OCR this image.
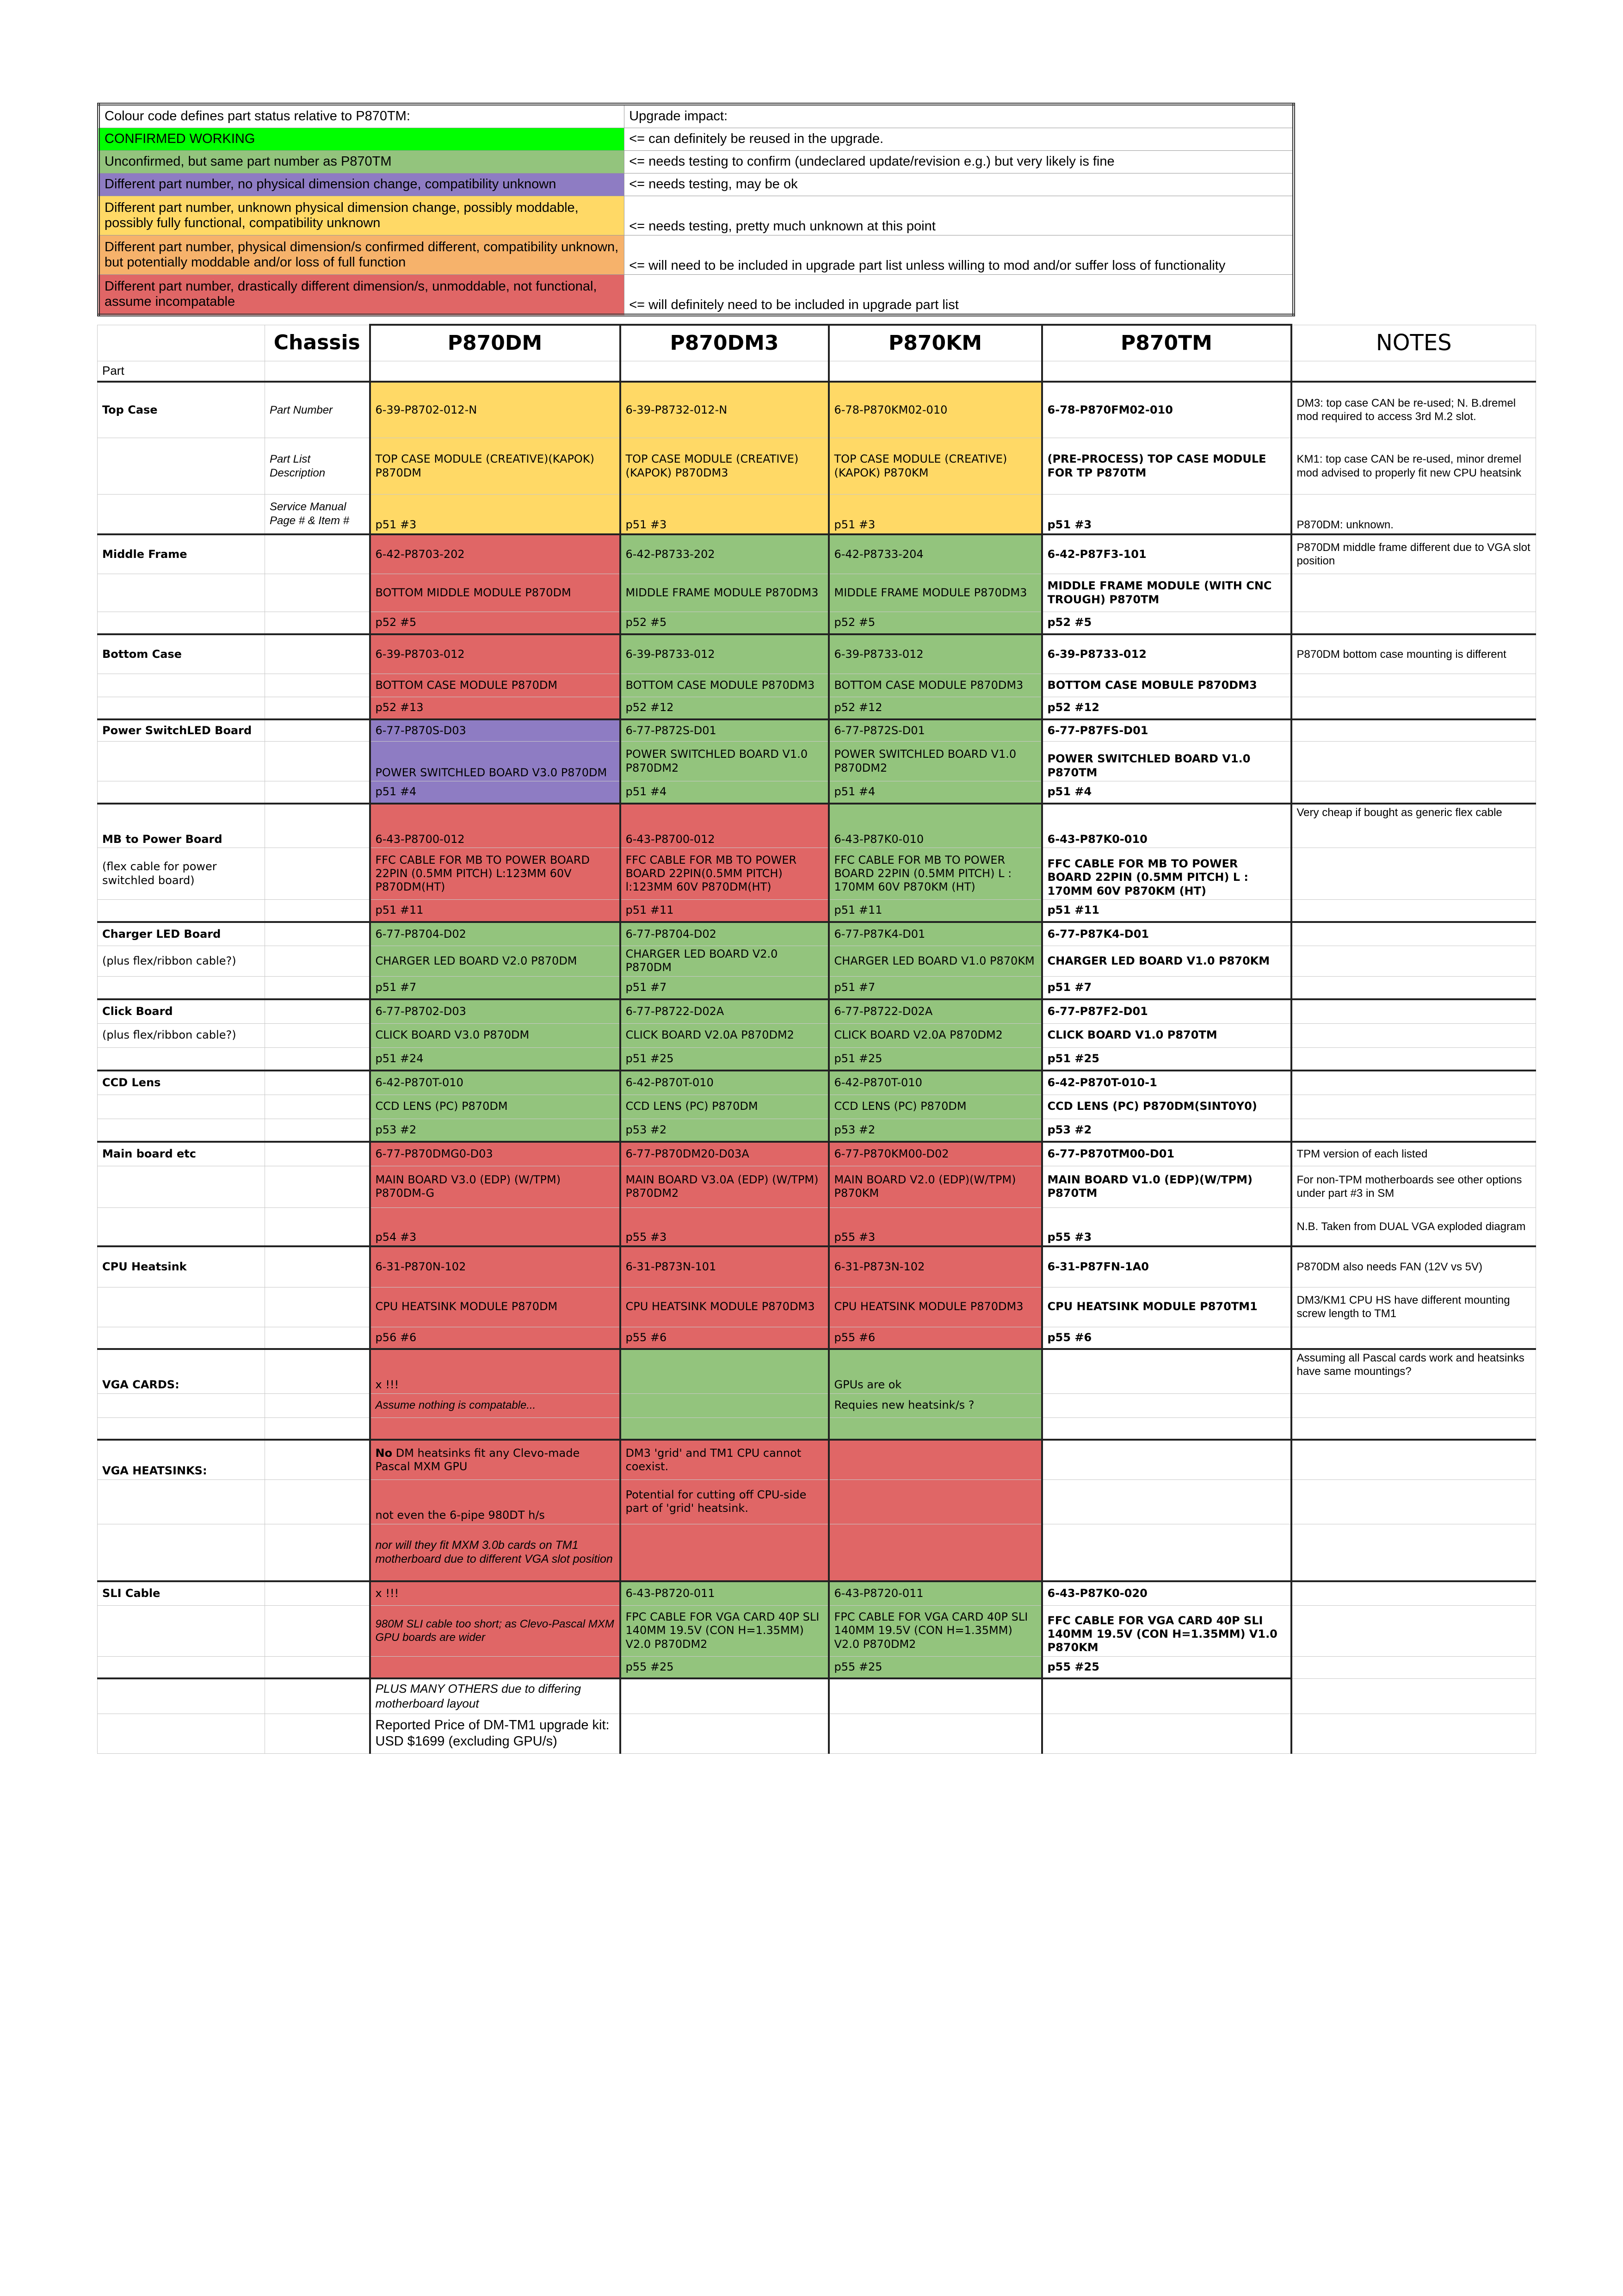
Colour code defines part status relative to P870TM:	Upgrade impact:
CONFIRMED WORKING	<= can definitely be reused in the upgrade.
Unconfirmed, but same part number as P870TM	<= needs testing to confirm (undeclared update/revision e.g.) but very likely is fine
Different part number, no physical dimension change, compatibility unknown	<= needs testing, may be ok
Different part number, unknown physical dimension change, possibly moddable, possibly fully functional, compatibility unknown	<= needs testing, pretty much unknown at this point
Different part number, physical dimension/s confirmed different, compatibility unknown, but potentially moddable and/or loss of full function	<= will need to be included in upgrade part list unless willing to mod and/or suffer loss of functionality
Different part number, drastically different dimension/s, unmoddable, not functional, assume incompatable	<= will definitely need to be included in upgrade part list
	Chassis	P870DM	P870DM3	P870KM	P870TM	NOTES
Part						
Top Case	Part Number	6-39-P8702-012-N	6-39-P8732-012-N	6-78-P870KM02-010	6-78-P870FM02-010	DM3: top case CAN be re-used; N. B.dremel mod required to access 3rd M.2 slot.
	Part List Description	TOP CASE MODULE (CREATIVE)(KAPOK) P870DM	TOP CASE MODULE (CREATIVE)(KAPOK) P870DM3	TOP CASE MODULE (CREATIVE)(KAPOK) P870KM	(PRE-PROCESS) TOP CASE MODULE FOR TP P870TM	KM1: top case CAN be re-used, minor dremel mod advised to properly fit new CPU heatsink
	Service Manual Page # & Item #	p51 #3	p51 #3	p51 #3	p51 #3	P870DM: unknown.
Middle Frame		6-42-P8703-202	6-42-P8733-202	6-42-P8733-204	6-42-P87F3-101	P870DM middle frame different due to VGA slot position
		BOTTOM MIDDLE MODULE P870DM	MIDDLE FRAME MODULE P870DM3	MIDDLE FRAME MODULE P870DM3	MIDDLE FRAME MODULE (WITH CNC TROUGH) P870TM	
		p52 #5	p52 #5	p52 #5	p52 #5	
Bottom Case		6-39-P8703-012	6-39-P8733-012	6-39-P8733-012	6-39-P8733-012	P870DM bottom case mounting is different
		BOTTOM CASE MODULE P870DM	BOTTOM CASE MODULE P870DM3	BOTTOM CASE MODULE P870DM3	BOTTOM CASE MOBULE P870DM3	
		p52 #13	p52 #12	p52 #12	p52 #12	
Power SwitchLED Board		6-77-P870S-D03	6-77-P872S-D01	6-77-P872S-D01	6-77-P87FS-D01	
		POWER SWITCHLED BOARD V3.0 P870DM	POWER SWITCHLED BOARD V1.0 P870DM2	POWER SWITCHLED BOARD V1.0 P870DM2	POWER SWITCHLED BOARD V1.0 P870TM	
		p51 #4	p51 #4	p51 #4	p51 #4	
MB to Power Board		6-43-P8700-012	6-43-P8700-012	6-43-P87K0-010	6-43-P87K0-010	Very cheap if bought as generic flex cable
(flex cable for power switchled board)		FFC CABLE FOR MB TO POWER BOARD 22PIN (0.5MM PITCH) L:123MM 60V P870DM(HT)	FFC CABLE FOR MB TO POWER BOARD 22PIN(0.5MM PITCH) l:123MM 60V P870DM(HT)	FFC CABLE FOR MB TO POWER BOARD 22PIN (0.5MM PITCH) L : 170MM 60V P870KM (HT)	FFC CABLE FOR MB TO POWER BOARD 22PIN (0.5MM PITCH) L : 170MM 60V P870KM (HT)	
		p51 #11	p51 #11	p51 #11	p51 #11	
Charger LED Board		6-77-P8704-D02	6-77-P8704-D02	6-77-P87K4-D01	6-77-P87K4-D01	
(plus flex/ribbon cable?)		CHARGER LED BOARD V2.0 P870DM	CHARGER LED BOARD V2.0 P870DM	CHARGER LED BOARD V1.0 P870KM	CHARGER LED BOARD V1.0 P870KM	
		p51 #7	p51 #7	p51 #7	p51 #7	
Click Board		6-77-P8702-D03	6-77-P8722-D02A	6-77-P8722-D02A	6-77-P87F2-D01	
(plus flex/ribbon cable?)		CLICK BOARD V3.0 P870DM	CLICK BOARD V2.0A P870DM2	CLICK BOARD V2.0A P870DM2	CLICK BOARD V1.0 P870TM	
		p51 #24	p51 #25	p51 #25	p51 #25	
CCD Lens		6-42-P870T-010	6-42-P870T-010	6-42-P870T-010	6-42-P870T-010-1	
		CCD LENS (PC) P870DM	CCD LENS (PC) P870DM	CCD LENS (PC) P870DM	CCD LENS (PC) P870DM(SINT0Y0)	
		p53 #2	p53 #2	p53 #2	p53 #2	
Main board etc		6-77-P870DMG0-D03	6-77-P870DM20-D03A	6-77-P870KM00-D02	6-77-P870TM00-D01	TPM version of each listed
		MAIN BOARD V3.0 (EDP) (W/TPM) P870DM-G	MAIN BOARD V3.0A (EDP) (W/TPM) P870DM2	MAIN BOARD V2.0 (EDP)(W/TPM) P870KM	MAIN BOARD V1.0 (EDP)(W/TPM) P870TM	For non-TPM motherboards see other options under part #3 in SM
		p54 #3	p55 #3	p55 #3	p55 #3	N.B. Taken from DUAL VGA exploded diagram
CPU Heatsink		6-31-P870N-102	6-31-P873N-101	6-31-P873N-102	6-31-P87FN-1A0	P870DM also needs FAN (12V vs 5V)
		CPU HEATSINK MODULE P870DM	CPU HEATSINK MODULE P870DM3	CPU HEATSINK MODULE P870DM3	CPU HEATSINK MODULE P870TM1	DM3/KM1 CPU HS have different mounting screw length to TM1
		p56 #6	p55 #6	p55 #6	p55 #6	
VGA CARDS:		x !!!		GPUs are ok		Assuming all Pascal cards work and heatsinks have same mountings?
		Assume nothing is compatable...		Requies new heatsink/s ?		

VGA HEATSINKS:		No DM heatsinks fit any Clevo-made Pascal MXM GPU	DM3 'grid' and TM1 CPU cannot coexist.			
		not even the 6-pipe 980DT h/s	Potential for cutting off CPU-side part of 'grid' heatsink.			
		nor will they fit MXM 3.0b cards on TM1 motherboard due to different VGA slot position				
SLI Cable		x !!!	6-43-P8720-011	6-43-P8720-011	6-43-P87K0-020	
		980M SLI cable too short; as Clevo-Pascal MXM GPU boards are wider	FPC CABLE FOR VGA CARD 40P SLI 140MM 19.5V (CON H=1.35MM) V2.0 P870DM2	FPC CABLE FOR VGA CARD 40P SLI 140MM 19.5V (CON H=1.35MM) V2.0 P870DM2	FFC CABLE FOR VGA CARD 40P SLI 140MM 19.5V (CON H=1.35MM) V1.0 P870KM	
			p55 #25	p55 #25	p55 #25	
		PLUS MANY OTHERS due to differing motherboard layout				
		Reported Price of DM-TM1 upgrade kit: USD $1699 (excluding GPU/s)				
